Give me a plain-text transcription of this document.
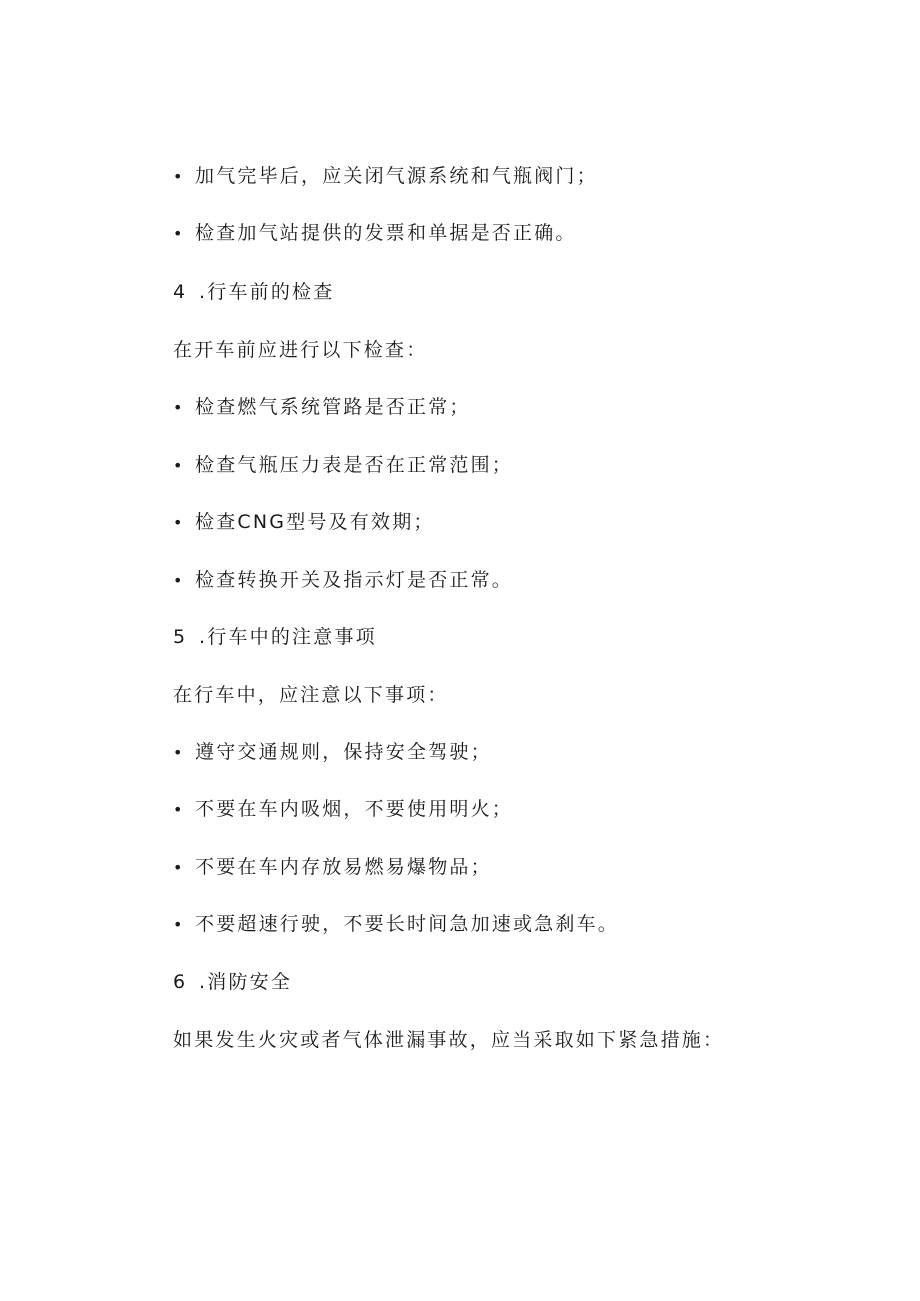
• 加气完毕后，应关闭气源系统和气瓶阀门；
• 检查加气站提供的发票和单据是否正确。
4 .行车前的检查
在开车前应进行以下检查：
• 检查燃气系统管路是否正常；
• 检查气瓶压力表是否在正常范围；
• 检查CNG型号及有效期；
• 检查转换开关及指示灯是否正常。
5 .行车中的注意事项
在行车中，应注意以下事项：
• 遵守交通规则，保持安全驾驶；
• 不要在车内吸烟，不要使用明火；
• 不要在车内存放易燃易爆物品；
• 不要超速行驶，不要长时间急加速或急刹车。
6 .消防安全
如果发生火灾或者气体泄漏事故，应当采取如下紧急措施：
